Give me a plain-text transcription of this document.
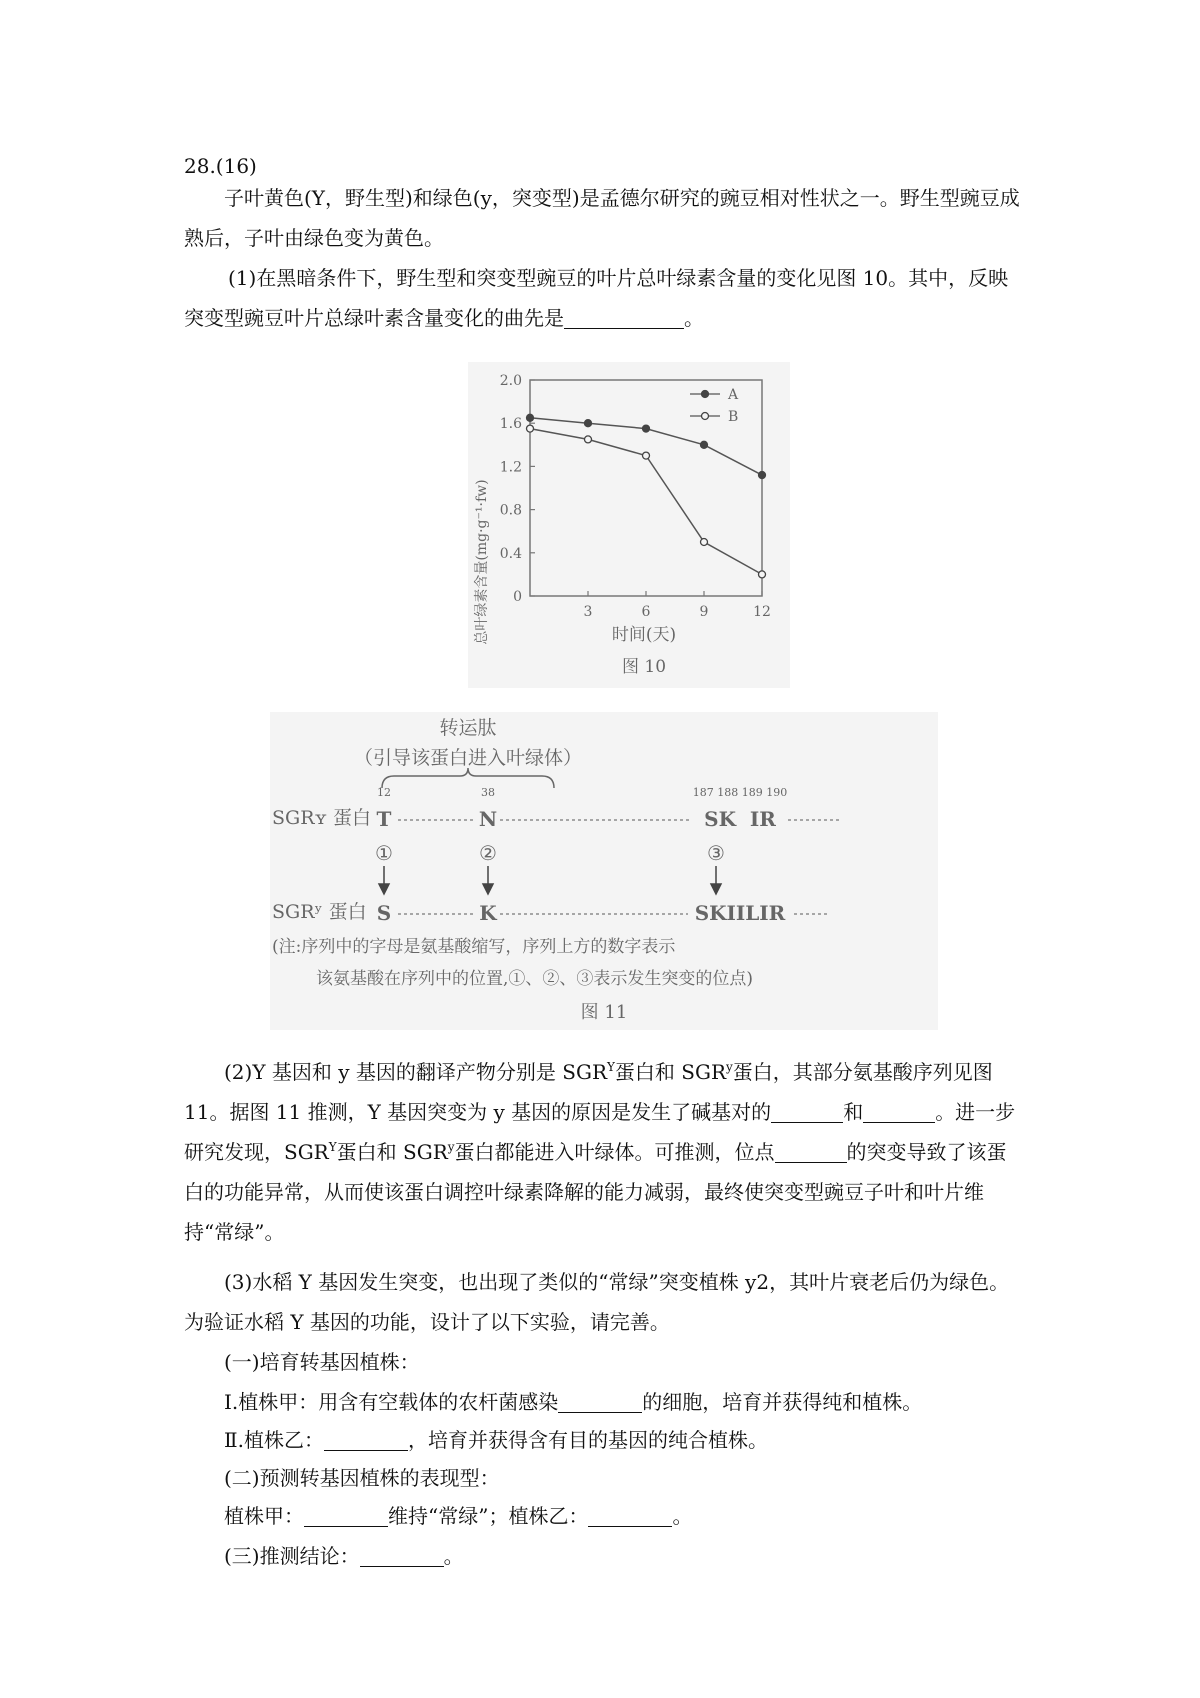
28.(16)

子叶黄色(Y，野生型)和绿色(y，突变型)是孟德尔研究的豌豆相对性状之一。野生型豌豆成熟后，子叶由绿色变为黄色。

(1)在黑暗条件下，野生型和突变型豌豆的叶片总叶绿素含量的变化见图 10。其中，反映突变型豌豆叶片总绿叶素含量变化的曲先是	。

0
0.4
0.8
1.2
1.6
2.0
3	6	9	12
A
B
时间(天)
总叶绿素含量(mg·g⁻¹·fw)
图 10
转运肽
（引导该蛋白进入叶绿体）
12	38	187 188 189 190
SGRʏ 蛋白 T	N	SK  IR
①	②	③
SGRʸ 蛋白 S	K	SKIILIR
(注:序列中的字母是氨基酸缩写，序列上方的数字表示
该氨基酸在序列中的位置,①、②、③表示发生突变的位点)
图 11

(2)Y 基因和 y 基因的翻译产物分别是 $SGR^Y$蛋白和 SGR$^y$蛋白，其部分氨基酸序列见图 11。据图 11 推测，Y 基因突变为 y 基因的原因是发生了碱基对的	和	。进一步研究发现，$SGR^Y$蛋白和 SGR$^y$蛋白都能进入叶绿体。可推测，位点	的突变导致了该蛋白的功能异常，从而使该蛋白调控叶绿素降解的能力减弱，最终使突变型豌豆子叶和叶片维持“常绿”。

(3)水稻 Y 基因发生突变，也出现了类似的“常绿”突变植株 y2，其叶片衰老后仍为绿色。为验证水稻 Y 基因的功能，设计了以下实验，请完善。

(一)培育转基因植株：

Ⅰ.植株甲：用含有空载体的农杆菌感染	的细胞，培育并获得纯和植株。

Ⅱ.植株乙：	，培育并获得含有目的基因的纯合植株。

(二)预测转基因植株的表现型：

植株甲：	维持“常绿”；植株乙：	。

(三)推测结论：	。
